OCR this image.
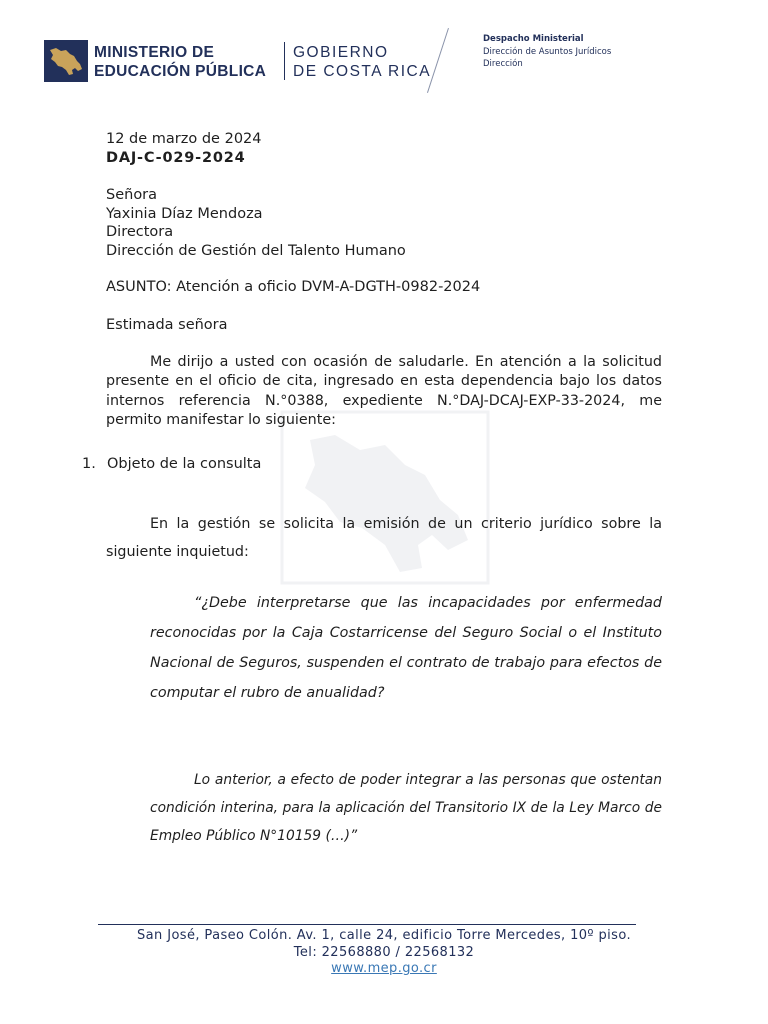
MINISTERIO DE
EDUCACIÓN PÚBLICA
GOBIERNO
DE COSTA RICA
Despacho Ministerial
Dirección de Asuntos Jurídicos
Dirección
12 de marzo de 2024
DAJ-C-029-2024
Señora
Yaxinia Díaz Mendoza
Directora
Dirección de Gestión del Talento Humano
ASUNTO: Atención a oficio DVM-A-DGTH-0982-2024
Estimada señora
Me dirijo a usted con ocasión de saludarle. En atención a la solicitud presente en el oficio de cita, ingresado en esta dependencia bajo los datos internos referencia N.°0388, expediente N.°DAJ-DCAJ-EXP-33-2024, me permito manifestar lo siguiente:
1. Objeto de la consulta
En la gestión se solicita la emisión de un criterio jurídico sobre la siguiente inquietud:
“¿Debe interpretarse que las incapacidades por enfermedad reconocidas por la Caja Costarricense del Seguro Social o el Instituto Nacional de Seguros, suspenden el contrato de trabajo para efectos de computar el rubro de anualidad?
Lo anterior, a efecto de poder integrar a las personas que ostentan condición interina, para la aplicación del Transitorio IX de la Ley Marco de Empleo Público N°10159 (…)”
San José, Paseo Colón. Av. 1, calle 24, edificio Torre Mercedes, 10º piso.
Tel: 22568880 / 22568132
www.mep.go.cr
